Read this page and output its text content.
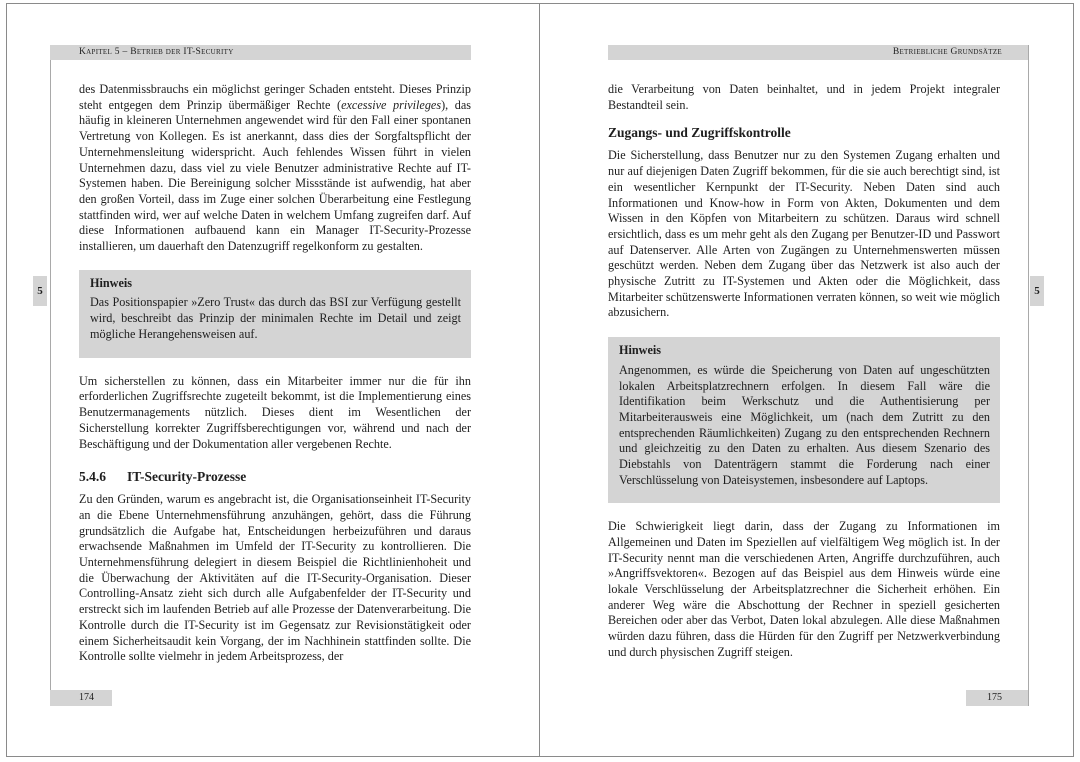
Kapitel 5 – Betrieb der IT-Security
5

des Datenmissbrauchs ein möglichst geringer Schaden entsteht. Dieses Prinzip steht entgegen dem Prinzip übermäßiger Rechte (excessive privileges), das häufig in kleineren Unternehmen angewendet wird für den Fall einer spontanen Vertretung von Kollegen. Es ist anerkannt, dass dies der Sorgfaltspflicht der Unternehmensleitung widerspricht. Auch fehlendes Wissen führt in vielen Unternehmen dazu, dass viel zu viele Benutzer administrative Rechte auf IT-Systemen haben. Die Bereinigung solcher Missstände ist aufwendig, hat aber den großen Vorteil, dass im Zuge einer solchen Überarbeitung eine Festlegung stattfinden wird, wer auf welche Daten in welchem Umfang zugreifen darf. Auf diese Informationen aufbauend kann ein Manager IT-Security-Prozesse installieren, um dauerhaft den Datenzugriff regelkonform zu gestalten.

Hinweis
Das Positionspapier »Zero Trust« das durch das BSI zur Verfügung gestellt wird, beschreibt das Prinzip der minimalen Rechte im Detail und zeigt mögliche Herangehensweisen auf.

Um sicherstellen zu können, dass ein Mitarbeiter immer nur die für ihn erforderlichen Zugriffsrechte zugeteilt bekommt, ist die Implementierung eines Benutzermanagements nützlich. Dieses dient im Wesentlichen der Sicherstellung korrekter Zugriffsberechtigungen vor, während und nach der Beschäftigung und der Dokumentation aller vergebenen Rechte.

5.4.6 IT-Security-Prozesse

Zu den Gründen, warum es angebracht ist, die Organisationseinheit IT-Security an die Ebene Unternehmensführung anzuhängen, gehört, dass die Führung grundsätzlich die Aufgabe hat, Entscheidungen herbeizuführen und daraus erwachsende Maßnahmen im Umfeld der IT-Security zu kontrollieren. Die Unternehmensführung delegiert in diesem Beispiel die Richtlinienhoheit und die Überwachung der Aktivitäten auf die IT-Security-Organisation. Dieser Controlling-Ansatz zieht sich durch alle Aufgabenfelder der IT-Security und erstreckt sich im laufenden Betrieb auf alle Prozesse der Datenverarbeitung. Die Kontrolle durch die IT-Security ist im Gegensatz zur Revisionstätigkeit oder einem Sicherheitsaudit kein Vorgang, der im Nachhinein stattfinden sollte. Die Kontrolle sollte vielmehr in jedem Arbeitsprozess, der

174
Betriebliche Grundsätze
5

die Verarbeitung von Daten beinhaltet, und in jedem Projekt integraler Bestandteil sein.

Zugangs- und Zugriffskontrolle

Die Sicherstellung, dass Benutzer nur zu den Systemen Zugang erhalten und nur auf diejenigen Daten Zugriff bekommen, für die sie auch berechtigt sind, ist ein wesentlicher Kernpunkt der IT-Security. Neben Daten sind auch Informationen und Know-how in Form von Akten, Dokumenten und dem Wissen in den Köpfen von Mitarbeitern zu schützen. Daraus wird schnell ersichtlich, dass es um mehr geht als den Zugang per Benutzer-ID und Passwort auf Datenserver. Alle Arten von Zugängen zu Unternehmenswerten müssen geschützt werden. Neben dem Zugang über das Netzwerk ist also auch der physische Zutritt zu IT-Systemen und Akten oder die Möglichkeit, dass Mitarbeiter schützenswerte Informationen verraten können, so weit wie möglich abzusichern.

Hinweis
Angenommen, es würde die Speicherung von Daten auf ungeschützten lokalen Arbeitsplatzrechnern erfolgen. In diesem Fall wäre die Identifikation beim Werkschutz und die Authentisierung per Mitarbeiterausweis eine Möglichkeit, um (nach dem Zutritt zu den entsprechenden Räumlichkeiten) Zugang zu den entsprechenden Rechnern und gleichzeitig zu den Daten zu erhalten. Aus diesem Szenario des Diebstahls von Datenträgern stammt die Forderung nach einer Verschlüsselung von Dateisystemen, insbesondere auf Laptops.

Die Schwierigkeit liegt darin, dass der Zugang zu Informationen im Allgemeinen und Daten im Speziellen auf vielfältigem Weg möglich ist. In der IT-Security nennt man die verschiedenen Arten, Angriffe durchzuführen, auch »Angriffsvektoren«. Bezogen auf das Beispiel aus dem Hinweis würde eine lokale Verschlüsselung der Arbeitsplatzrechner die Sicherheit erhöhen. Ein anderer Weg wäre die Abschottung der Rechner in speziell gesicherten Bereichen oder aber das Verbot, Daten lokal abzulegen. Alle diese Maßnahmen würden dazu führen, dass die Hürden für den Zugriff per Netzwerkverbindung und durch physischen Zugriff steigen.

175
